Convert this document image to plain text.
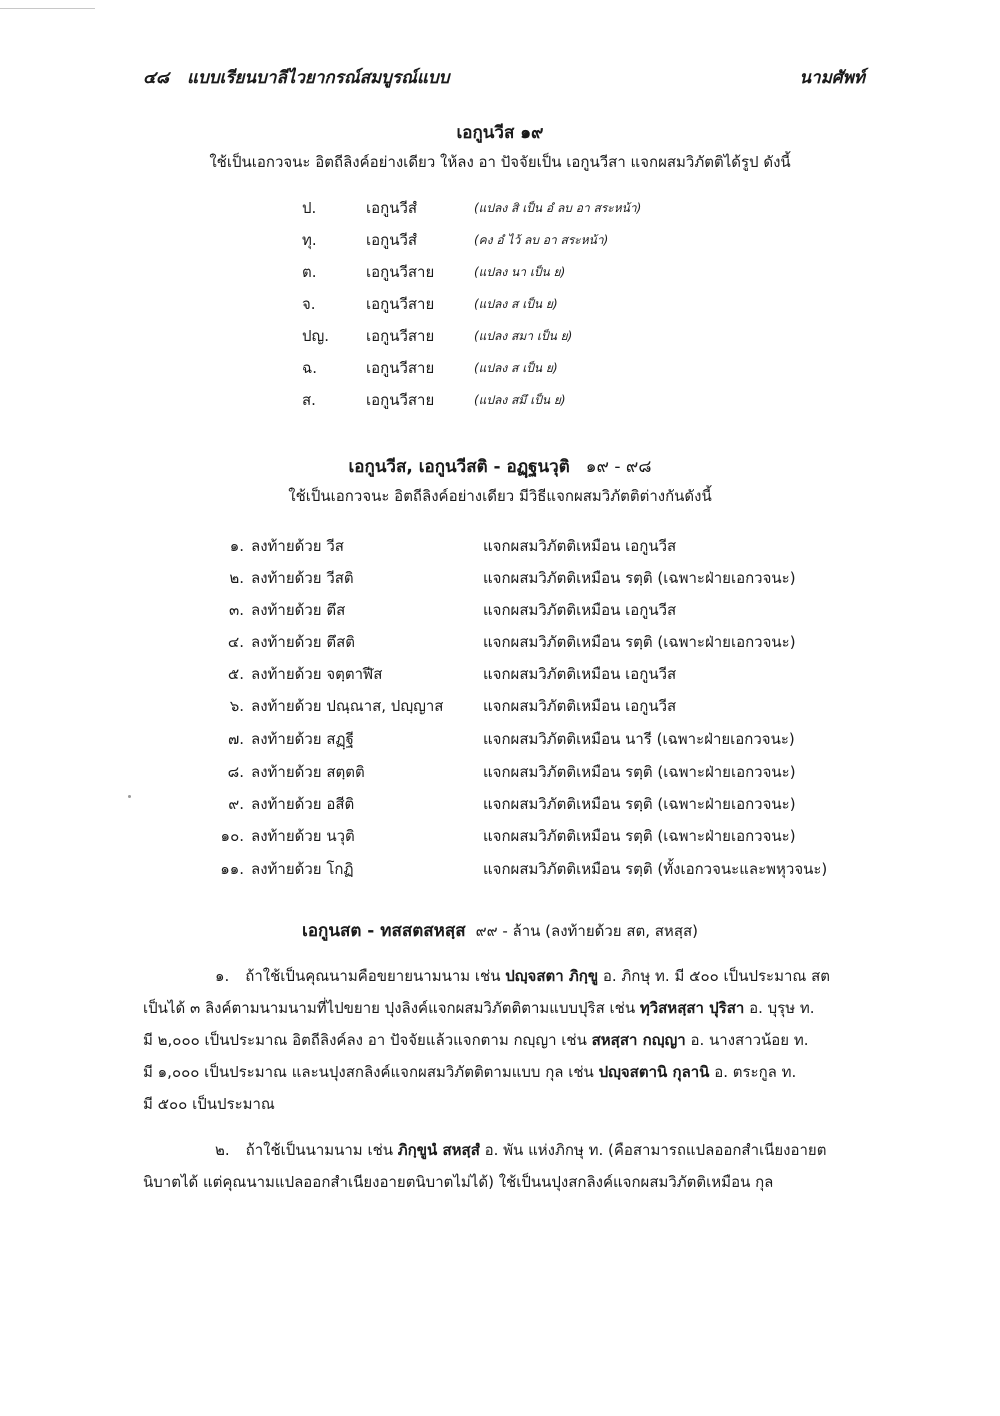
๔๘ แบบเรียนบาลีไวยากรณ์สมบูรณ์แบบ	นามศัพท์
เอกูนวีส ๑๙
ใช้เป็นเอกวจนะ อิตถีลิงค์อย่างเดียว ให้ลง อา ปัจจัยเป็น เอกูนวีสา แจกผสมวิภัตติได้รูป ดังนี้
ป.	เอกูนวีสํ	(แปลง สิ เป็น อํ ลบ อา สระหน้า)
ทุ.	เอกูนวีสํ	(คง อํ ไว้ ลบ อา สระหน้า)
ต.	เอกูนวีสาย	(แปลง นา เป็น ย)
จ.	เอกูนวีสาย	(แปลง ส เป็น ย)
ปญ. เอกูนวีสาย	(แปลง สมา เป็น ย)
ฉ.	เอกูนวีสาย	(แปลง ส เป็น ย)
ส.	เอกูนวีสาย	(แปลง สมึ เป็น ย)
เอกูนวีส, เอกูนวีสติ - อฏฺฐนวุติ ๑๙ - ๙๘
ใช้เป็นเอกวจนะ อิตถีลิงค์อย่างเดียว มีวิธีแจกผสมวิภัตติต่างกันดังนี้
๑. ลงท้ายด้วย วีส	แจกผสมวิภัตติเหมือน เอกูนวีส
๒. ลงท้ายด้วย วีสติ	แจกผสมวิภัตติเหมือน รตฺติ (เฉพาะฝ่ายเอกวจนะ)
๓. ลงท้ายด้วย ตึส	แจกผสมวิภัตติเหมือน เอกูนวีส
๔. ลงท้ายด้วย ตึสติ	แจกผสมวิภัตติเหมือน รตฺติ (เฉพาะฝ่ายเอกวจนะ)
๕. ลงท้ายด้วย จตฺตาฬีส	แจกผสมวิภัตติเหมือน เอกูนวีส
๖. ลงท้ายด้วย ปณฺณาส, ปญฺญาส	แจกผสมวิภัตติเหมือน เอกูนวีส
๗. ลงท้ายด้วย สฏฺฐี	แจกผสมวิภัตติเหมือน นารี (เฉพาะฝ่ายเอกวจนะ)
๘. ลงท้ายด้วย สตฺตติ	แจกผสมวิภัตติเหมือน รตฺติ (เฉพาะฝ่ายเอกวจนะ)
๙. ลงท้ายด้วย อสีติ	แจกผสมวิภัตติเหมือน รตฺติ (เฉพาะฝ่ายเอกวจนะ)
๑๐. ลงท้ายด้วย นวุติ	แจกผสมวิภัตติเหมือน รตฺติ (เฉพาะฝ่ายเอกวจนะ)
๑๑. ลงท้ายด้วย โกฏิ	แจกผสมวิภัตติเหมือน รตฺติ (ทั้งเอกวจนะและพหุวจนะ)
เอกูนสต - ทสสตสหสฺส ๙๙ - ล้าน (ลงท้ายด้วย สต, สหสฺส)
๑. ถ้าใช้เป็นคุณนามคือขยายนามนาม เช่น ปญฺจสตา ภิกฺขู อ. ภิกษุ ท. มี ๕๐๐ เป็นประมาณ สต
เป็นได้ ๓ ลิงค์ตามนามนามที่ไปขยาย ปุงลิงค์แจกผสมวิภัตติตามแบบปุริส เช่น ทฺวิสหสฺสา ปุริสา อ. บุรุษ ท.
มี ๒,๐๐๐ เป็นประมาณ อิตถีลิงค์ลง อา ปัจจัยแล้วแจกตาม กญฺญา เช่น สหสฺสา กญฺญา อ. นางสาวน้อย ท.
มี ๑,๐๐๐ เป็นประมาณ และนปุงสกลิงค์แจกผสมวิภัตติตามแบบ กุล เช่น ปญฺจสตานิ กุลานิ อ. ตระกูล ท.
มี ๕๐๐ เป็นประมาณ
๒. ถ้าใช้เป็นนามนาม เช่น ภิกฺขูนํ สหสฺสํ อ. พัน แห่งภิกษุ ท. (คือสามารถแปลออกสำเนียงอายต
นิบาตได้ แต่คุณนามแปลออกสำเนียงอายตนิบาตไม่ได้) ใช้เป็นนปุงสกลิงค์แจกผสมวิภัตติเหมือน กุล
